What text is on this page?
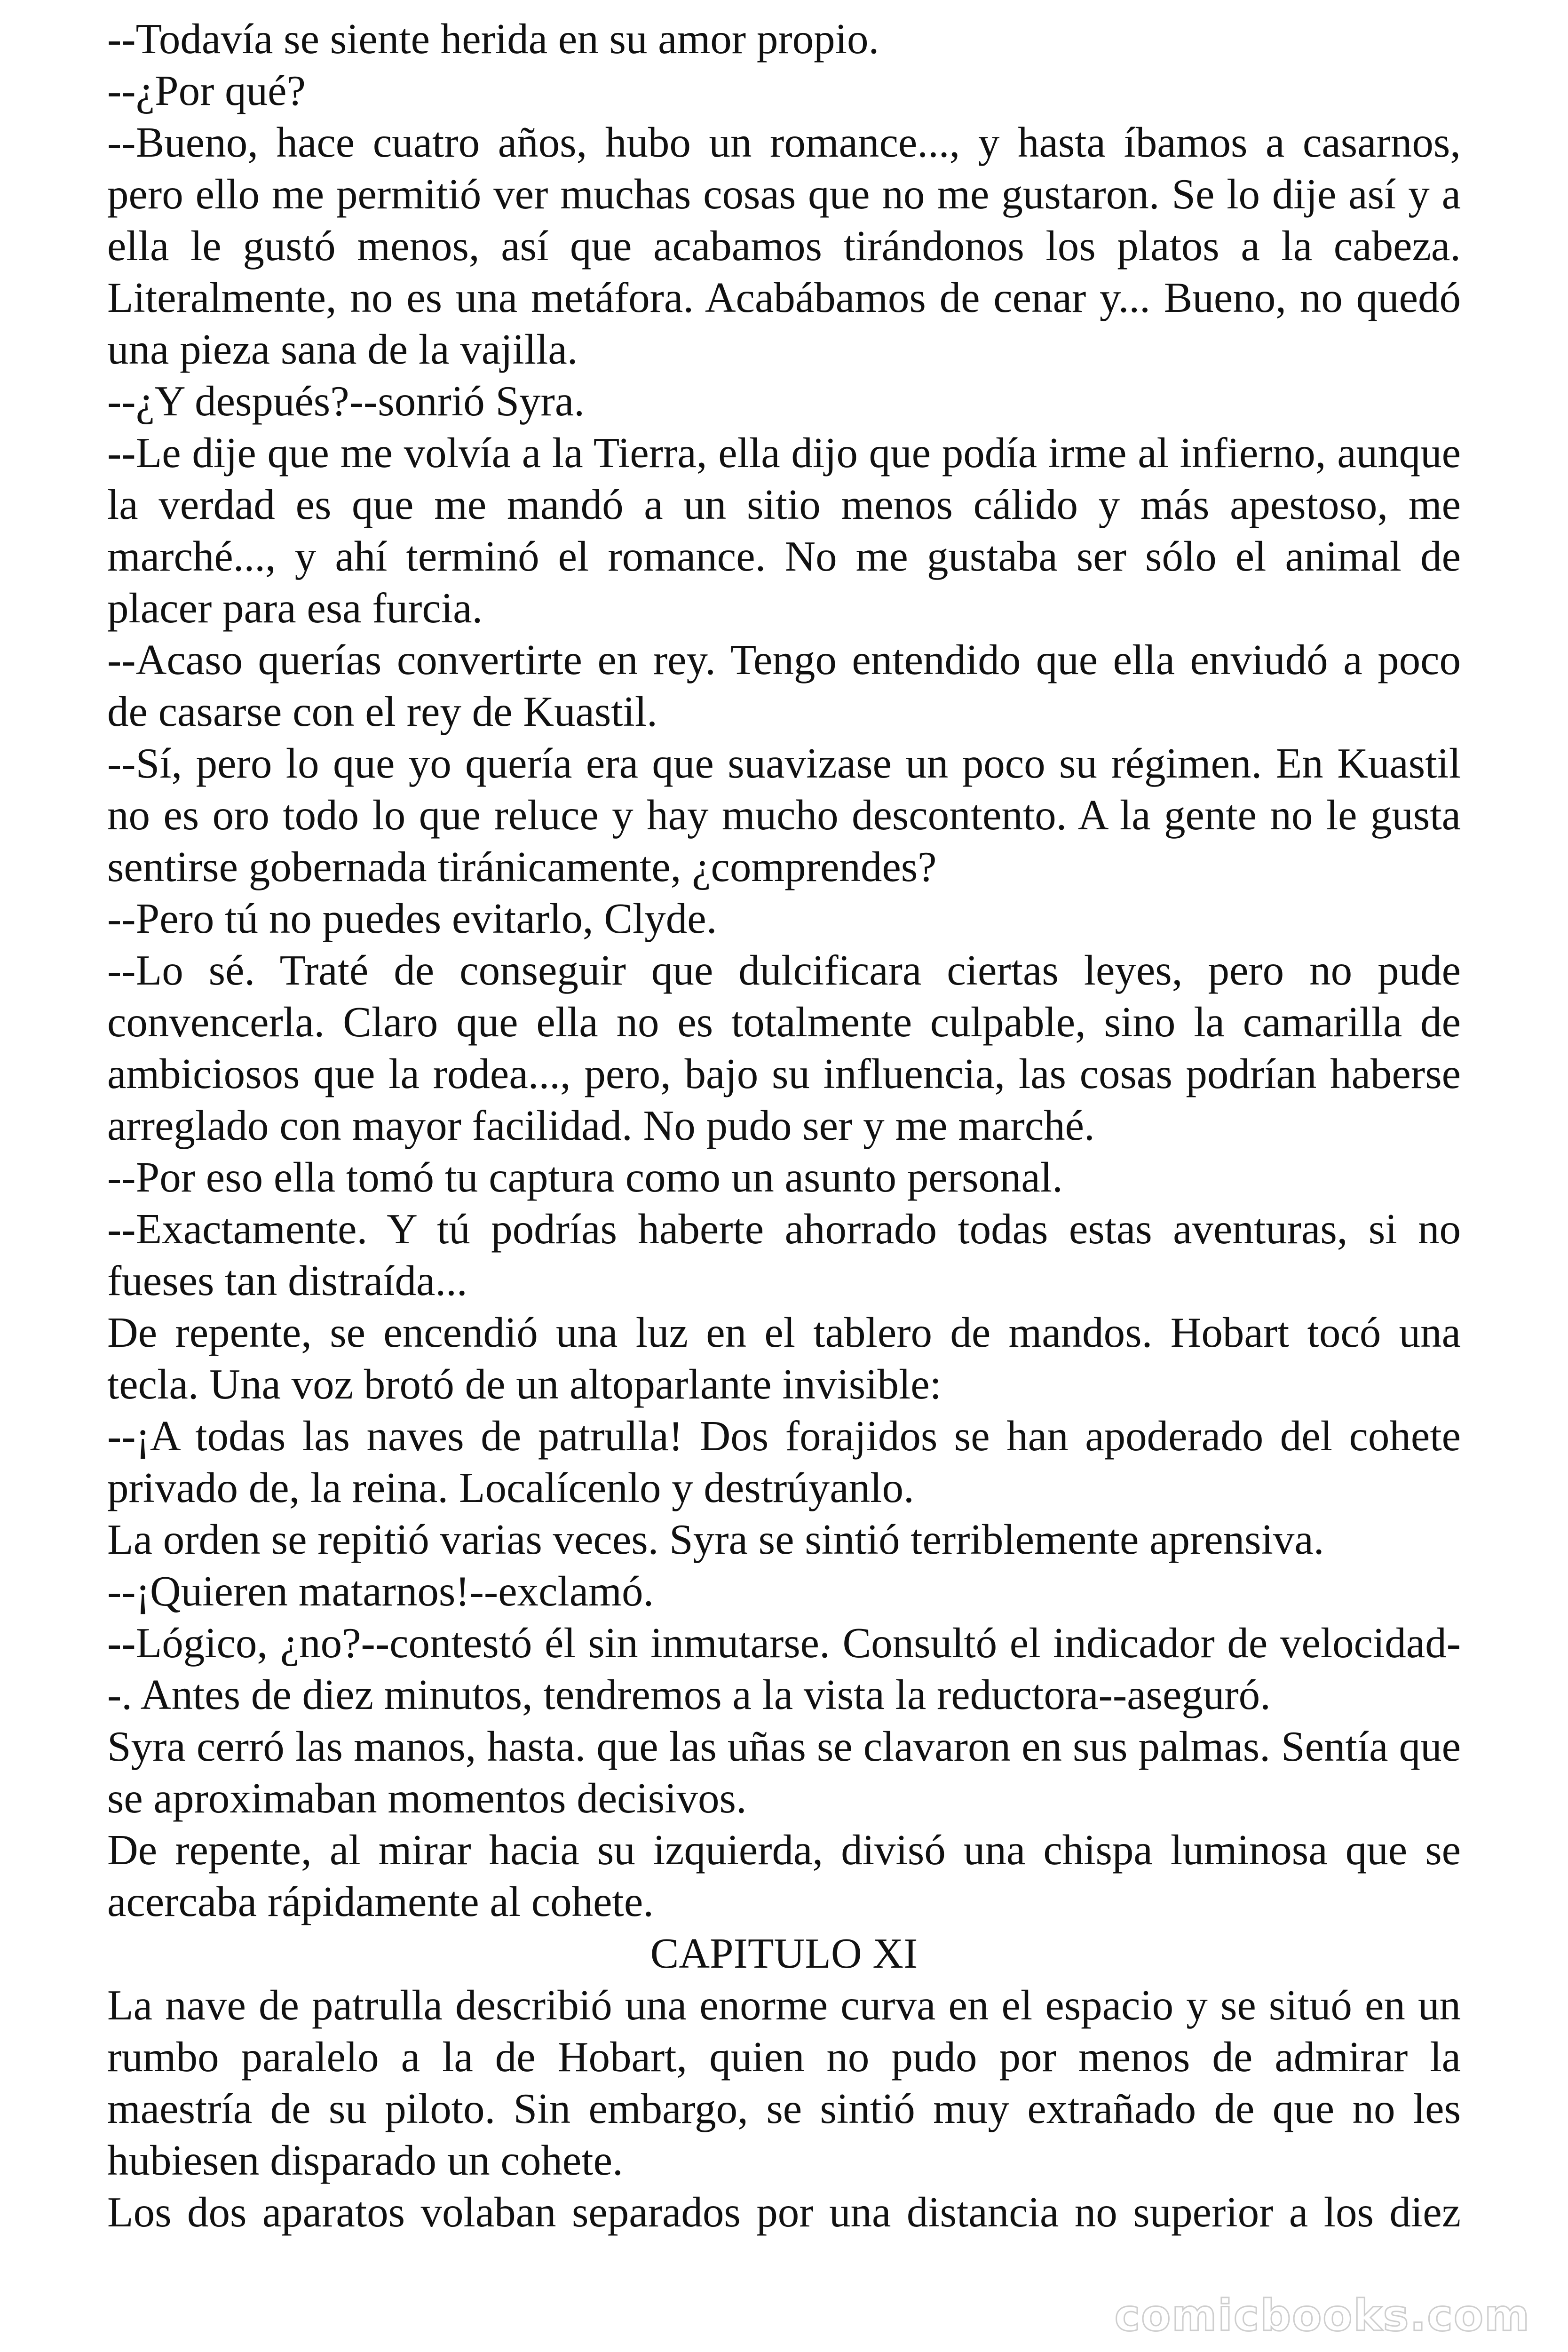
--Todavía se siente herida en su amor propio.

--¿Por qué?

--Bueno, hace cuatro años, hubo un romance..., y hasta íbamos a casarnos, pero ello me permitió ver muchas cosas que no me gustaron. Se lo dije así y a ella le gustó menos, así que acabamos tirándonos los platos a la cabeza. Literalmente, no es una metáfora. Acabábamos de cenar y... Bueno, no quedó una pieza sana de la vajilla.

--¿Y después?--sonrió Syra.

--Le dije que me volvía a la Tierra, ella dijo que podía irme al infierno, aunque la verdad es que me mandó a un sitio menos cálido y más apestoso, me marché..., y ahí terminó el romance. No me gustaba ser sólo el animal de placer para esa furcia.

--Acaso querías convertirte en rey. Tengo entendido que ella enviudó a poco de casarse con el rey de Kuastil.

--Sí, pero lo que yo quería era que suavizase un poco su régimen. En Kuastil no es oro todo lo que reluce y hay mucho descontento. A la gente no le gusta sentirse gobernada tiránicamente, ¿comprendes?

--Pero tú no puedes evitarlo, Clyde.

--Lo sé. Traté de conseguir que dulcificara ciertas leyes, pero no pude convencerla. Claro que ella no es totalmente culpable, sino la camarilla de ambiciosos que la rodea..., pero, bajo su influencia, las cosas podrían haberse arreglado con mayor facilidad. No pudo ser y me marché.

--Por eso ella tomó tu captura como un asunto personal.

--Exactamente. Y tú podrías haberte ahorrado todas estas aventuras, si no fueses tan distraída...

De repente, se encendió una luz en el tablero de mandos. Hobart tocó una tecla. Una voz brotó de un altoparlante invisible:

--¡A todas las naves de patrulla! Dos forajidos se han apoderado del cohete privado de, la reina. Localícenlo y destrúyanlo.

La orden se repitió varias veces. Syra se sintió terriblemente aprensiva.

--¡Quieren matarnos!--exclamó.

--Lógico, ¿no?--contestó él sin inmutarse. Consultó el indicador de velocidad--. Antes de diez minutos, tendremos a la vista la reductora--aseguró.

Syra cerró las manos, hasta. que las uñas se clavaron en sus palmas. Sentía que se aproximaban momentos decisivos.

De repente, al mirar hacia su izquierda, divisó una chispa luminosa que se acercaba rápidamente al cohete.

CAPITULO XI

La nave de patrulla describió una enorme curva en el espacio y se situó en un rumbo paralelo a la de Hobart, quien no pudo por menos de admirar la maestría de su piloto. Sin embargo, se sintió muy extrañado de que no les hubiesen disparado un cohete.

Los dos aparatos volaban separados por una distancia no superior a los diez

comicbooks.com
